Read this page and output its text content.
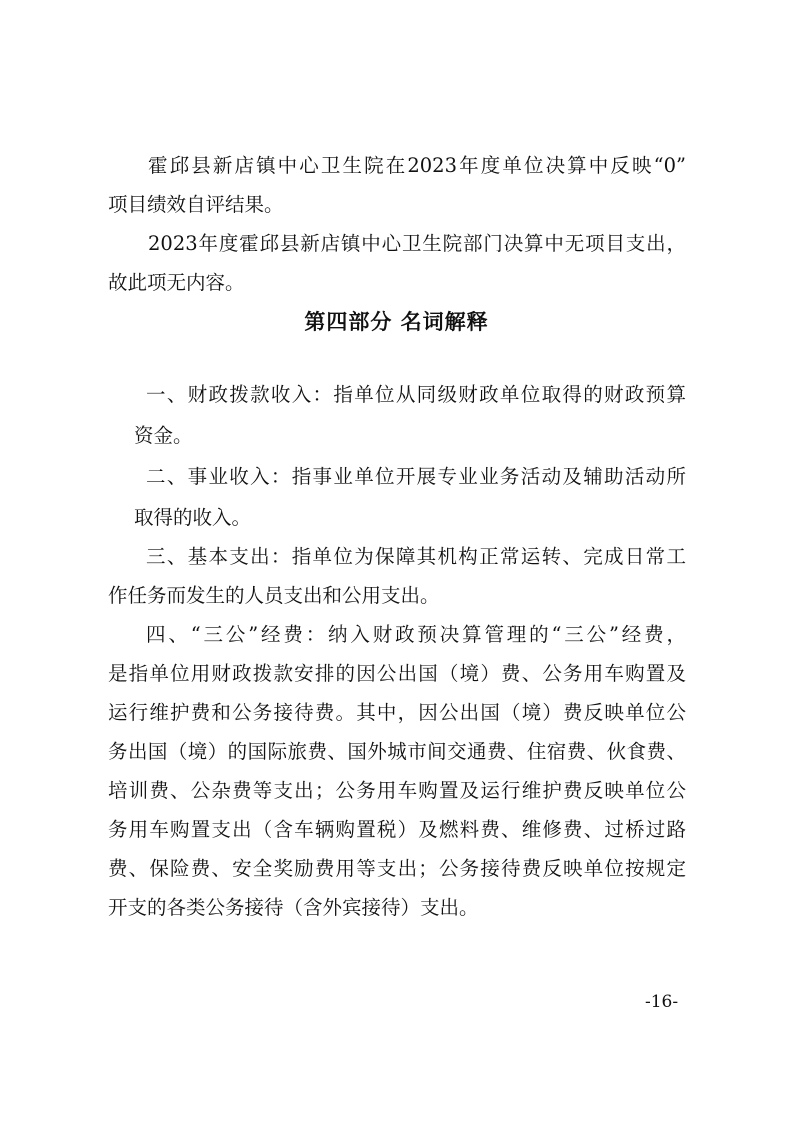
霍邱县新店镇中心卫生院在2023年度单位决算中反映“0”
项目绩效自评结果。
2023年度霍邱县新店镇中心卫生院部门决算中无项目支出，
故此项无内容。
第四部分 名词解释
一、财政拨款收入：指单位从同级财政单位取得的财政预算
资金。
二、事业收入：指事业单位开展专业业务活动及辅助活动所
取得的收入。
三、基本支出：指单位为保障其机构正常运转、完成日常工
作任务而发生的人员支出和公用支出。
四、“三公”经费：纳入财政预决算管理的“三公”经费，
是指单位用财政拨款安排的因公出国（境）费、公务用车购置及
运行维护费和公务接待费。其中，因公出国（境）费反映单位公
务出国（境）的国际旅费、国外城市间交通费、住宿费、伙食费、
培训费、公杂费等支出；公务用车购置及运行维护费反映单位公
务用车购置支出（含车辆购置税）及燃料费、维修费、过桥过路
费、保险费、安全奖励费用等支出；公务接待费反映单位按规定
开支的各类公务接待（含外宾接待）支出。
-16-
